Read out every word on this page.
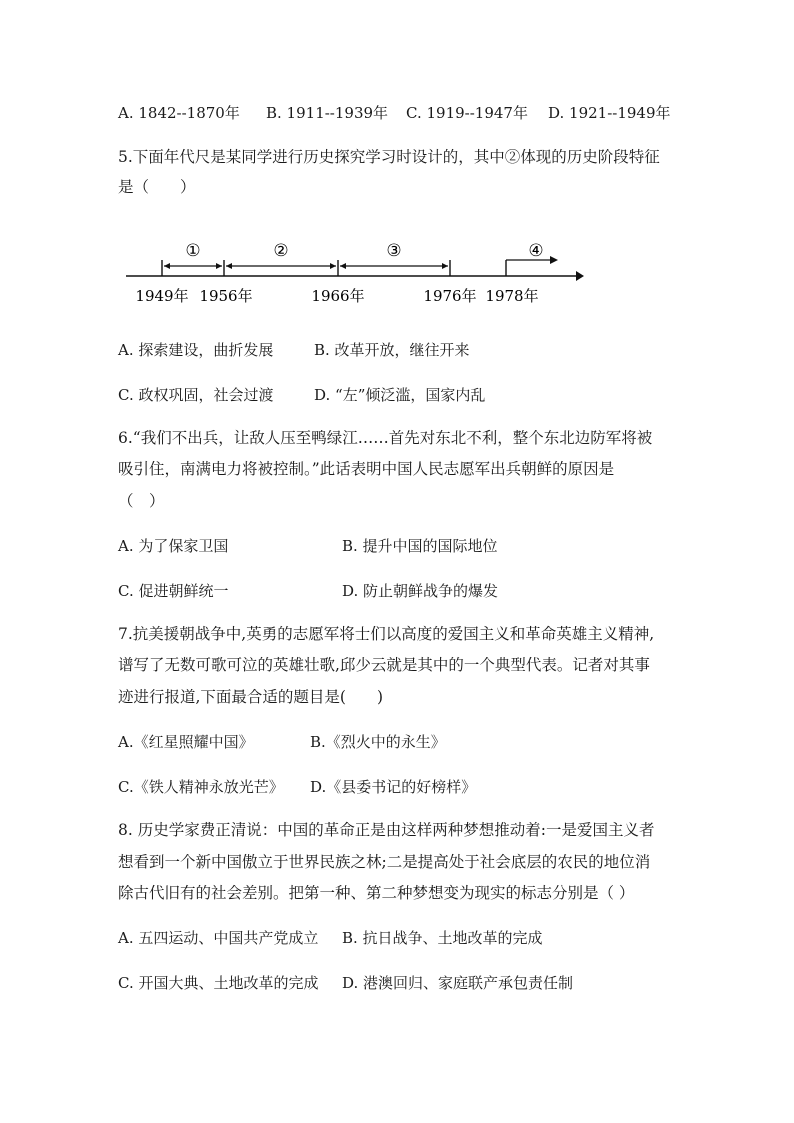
A. 1842--1870年 B. 1911--1939年 C. 1919--1947年 D. 1921--1949年
5.下面年代尺是某同学进行历史探究学习时设计的，其中②体现的历史阶段特征
是（　　）
①	②	③	④
1949年 1956年	1966年	1976年 1978年
A. 探索建设，曲折发展	B. 改革开放，继往开来
C. 政权巩固，社会过渡	D. “左”倾泛滥，国家内乱
6.“我们不出兵，让敌人压至鸭绿江……首先对东北不利，整个东北边防军将被
吸引住，南满电力将被控制。”此话表明中国人民志愿军出兵朝鲜的原因是
（　）
A. 为了保家卫国	B. 提升中国的国际地位
C. 促进朝鲜统一	D. 防止朝鲜战争的爆发
7.抗美援朝战争中,英勇的志愿军将士们以高度的爱国主义和革命英雄主义精神,
谱写了无数可歌可泣的英雄壮歌,邱少云就是其中的一个典型代表。记者对其事
迹进行报道,下面最合适的题目是(　　)
A.《红星照耀中国》	B.《烈火中的永生》
C.《铁人精神永放光芒》 D.《县委书记的好榜样》
8. 历史学家费正清说：中国的革命正是由这样两种梦想推动着:一是爱国主义者
想看到一个新中国傲立于世界民族之林;二是提高处于社会底层的农民的地位消
除古代旧有的社会差别。把第一种、第二种梦想变为现实的标志分别是（ ）
A. 五四运动、中国共产党成立 B. 抗日战争、土地改革的完成
C. 开国大典、土地改革的完成 D. 港澳回归、家庭联产承包责任制
